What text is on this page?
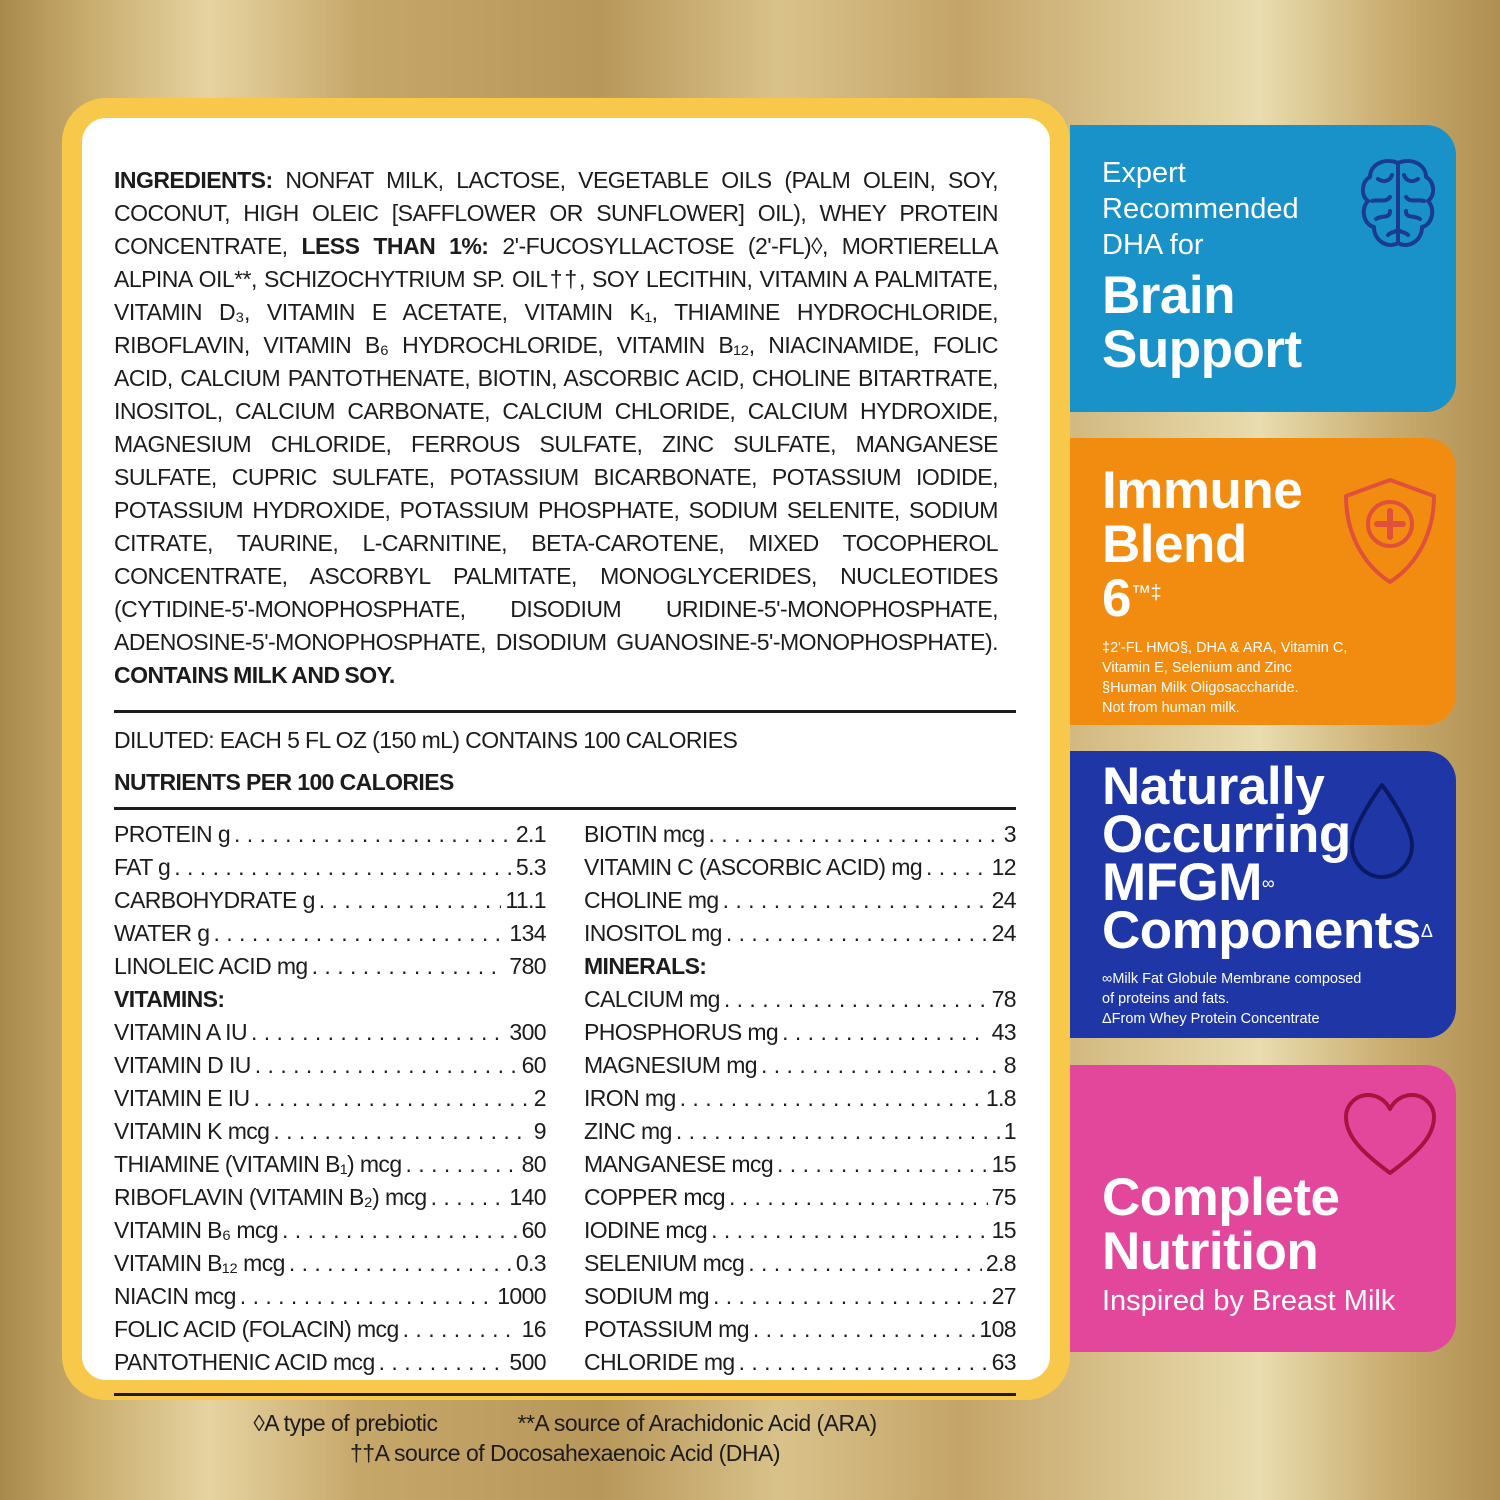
INGREDIENTS: NONFAT MILK, LACTOSE, VEGETABLE OILS (PALM OLEIN, SOY, COCONUT, HIGH OLEIC [SAFFLOWER OR SUNFLOWER] OIL), WHEY PROTEIN CONCENTRATE, LESS THAN 1%: 2'-FUCOSYLLACTOSE (2'-FL)◊, MORTIERELLA ALPINA OIL**, SCHIZOCHYTRIUM SP. OIL††, SOY LECITHIN, VITAMIN A PALMITATE, VITAMIN D₃, VITAMIN E ACETATE, VITAMIN K₁, THIAMINE HYDROCHLORIDE, RIBOFLAVIN, VITAMIN B₆ HYDROCHLORIDE, VITAMIN B₁₂, NIACINAMIDE, FOLIC ACID, CALCIUM PANTOTHENATE, BIOTIN, ASCORBIC ACID, CHOLINE BITARTRATE, INOSITOL, CALCIUM CARBONATE, CALCIUM CHLORIDE, CALCIUM HYDROXIDE, MAGNESIUM CHLORIDE, FERROUS SULFATE, ZINC SULFATE, MANGANESE SULFATE, CUPRIC SULFATE, POTASSIUM BICARBONATE, POTASSIUM IODIDE, POTASSIUM HYDROXIDE, POTASSIUM PHOSPHATE, SODIUM SELENITE, SODIUM CITRATE, TAURINE, L-CARNITINE, BETA-CAROTENE, MIXED TOCOPHEROL CONCENTRATE, ASCORBYL PALMITATE, MONOGLYCERIDES, NUCLEOTIDES (CYTIDINE-5'-MONOPHOSPHATE, DISODIUM URIDINE-5'-MONOPHOSPHATE, ADENOSINE-5'-MONOPHOSPHATE, DISODIUM GUANOSINE-5'-MONOPHOSPHATE). CONTAINS MILK AND SOY.

DILUTED: EACH 5 FL OZ (150 mL) CONTAINS 100 CALORIES
NUTRIENTS PER 100 CALORIES
PROTEIN g . . .	2.1
FAT g . . .	5.3
CARBOHYDRATE g . . .	11.1
WATER g . . .	134
LINOLEIC ACID mg . . .	780
VITAMINS:
VITAMIN A IU . . .	300
VITAMIN D IU . . .	60
VITAMIN E IU . . .	2
VITAMIN K mcg . . .	9
THIAMINE (VITAMIN B₁) mcg . . .	80
RIBOFLAVIN (VITAMIN B₂) mcg . . .	140
VITAMIN B₆ mcg . . .	60
VITAMIN B₁₂ mcg . . .	0.3
NIACIN mcg . . .	1000
FOLIC ACID (FOLACIN) mcg . . .	16
PANTOTHENIC ACID mcg . . .	500
BIOTIN mcg . . .	3
VITAMIN C (ASCORBIC ACID) mg . . .	12
CHOLINE mg . . .	24
INOSITOL mg . . .	24
MINERALS:
CALCIUM mg . . .	78
PHOSPHORUS mg . . .	43
MAGNESIUM mg . . .	8
IRON mg . . .	1.8
ZINC mg . . .	1
MANGANESE mcg . . .	15
COPPER mcg . . .	75
IODINE mcg . . .	15
SELENIUM mcg . . .	2.8
SODIUM mg . . .	27
POTASSIUM mg . . .	108
CHLORIDE mg . . .	63
◊A type of prebiotic	**A source of Arachidonic Acid (ARA)
††A source of Docosahexaenoic Acid (DHA)
Expert
Recommended
DHA for
Brain
Support
Immune
Blend
6™‡
‡2'-FL HMO§, DHA & ARA, Vitamin C,
Vitamin E, Selenium and Zinc
§Human Milk Oligosaccharide.
Not from human milk.
Naturally
Occurring
MFGM∞
Components$^\Delta$
∞Milk Fat Globule Membrane composed
of proteins and fats.
ΔFrom Whey Protein Concentrate
Complete
Nutrition
Inspired by Breast Milk
